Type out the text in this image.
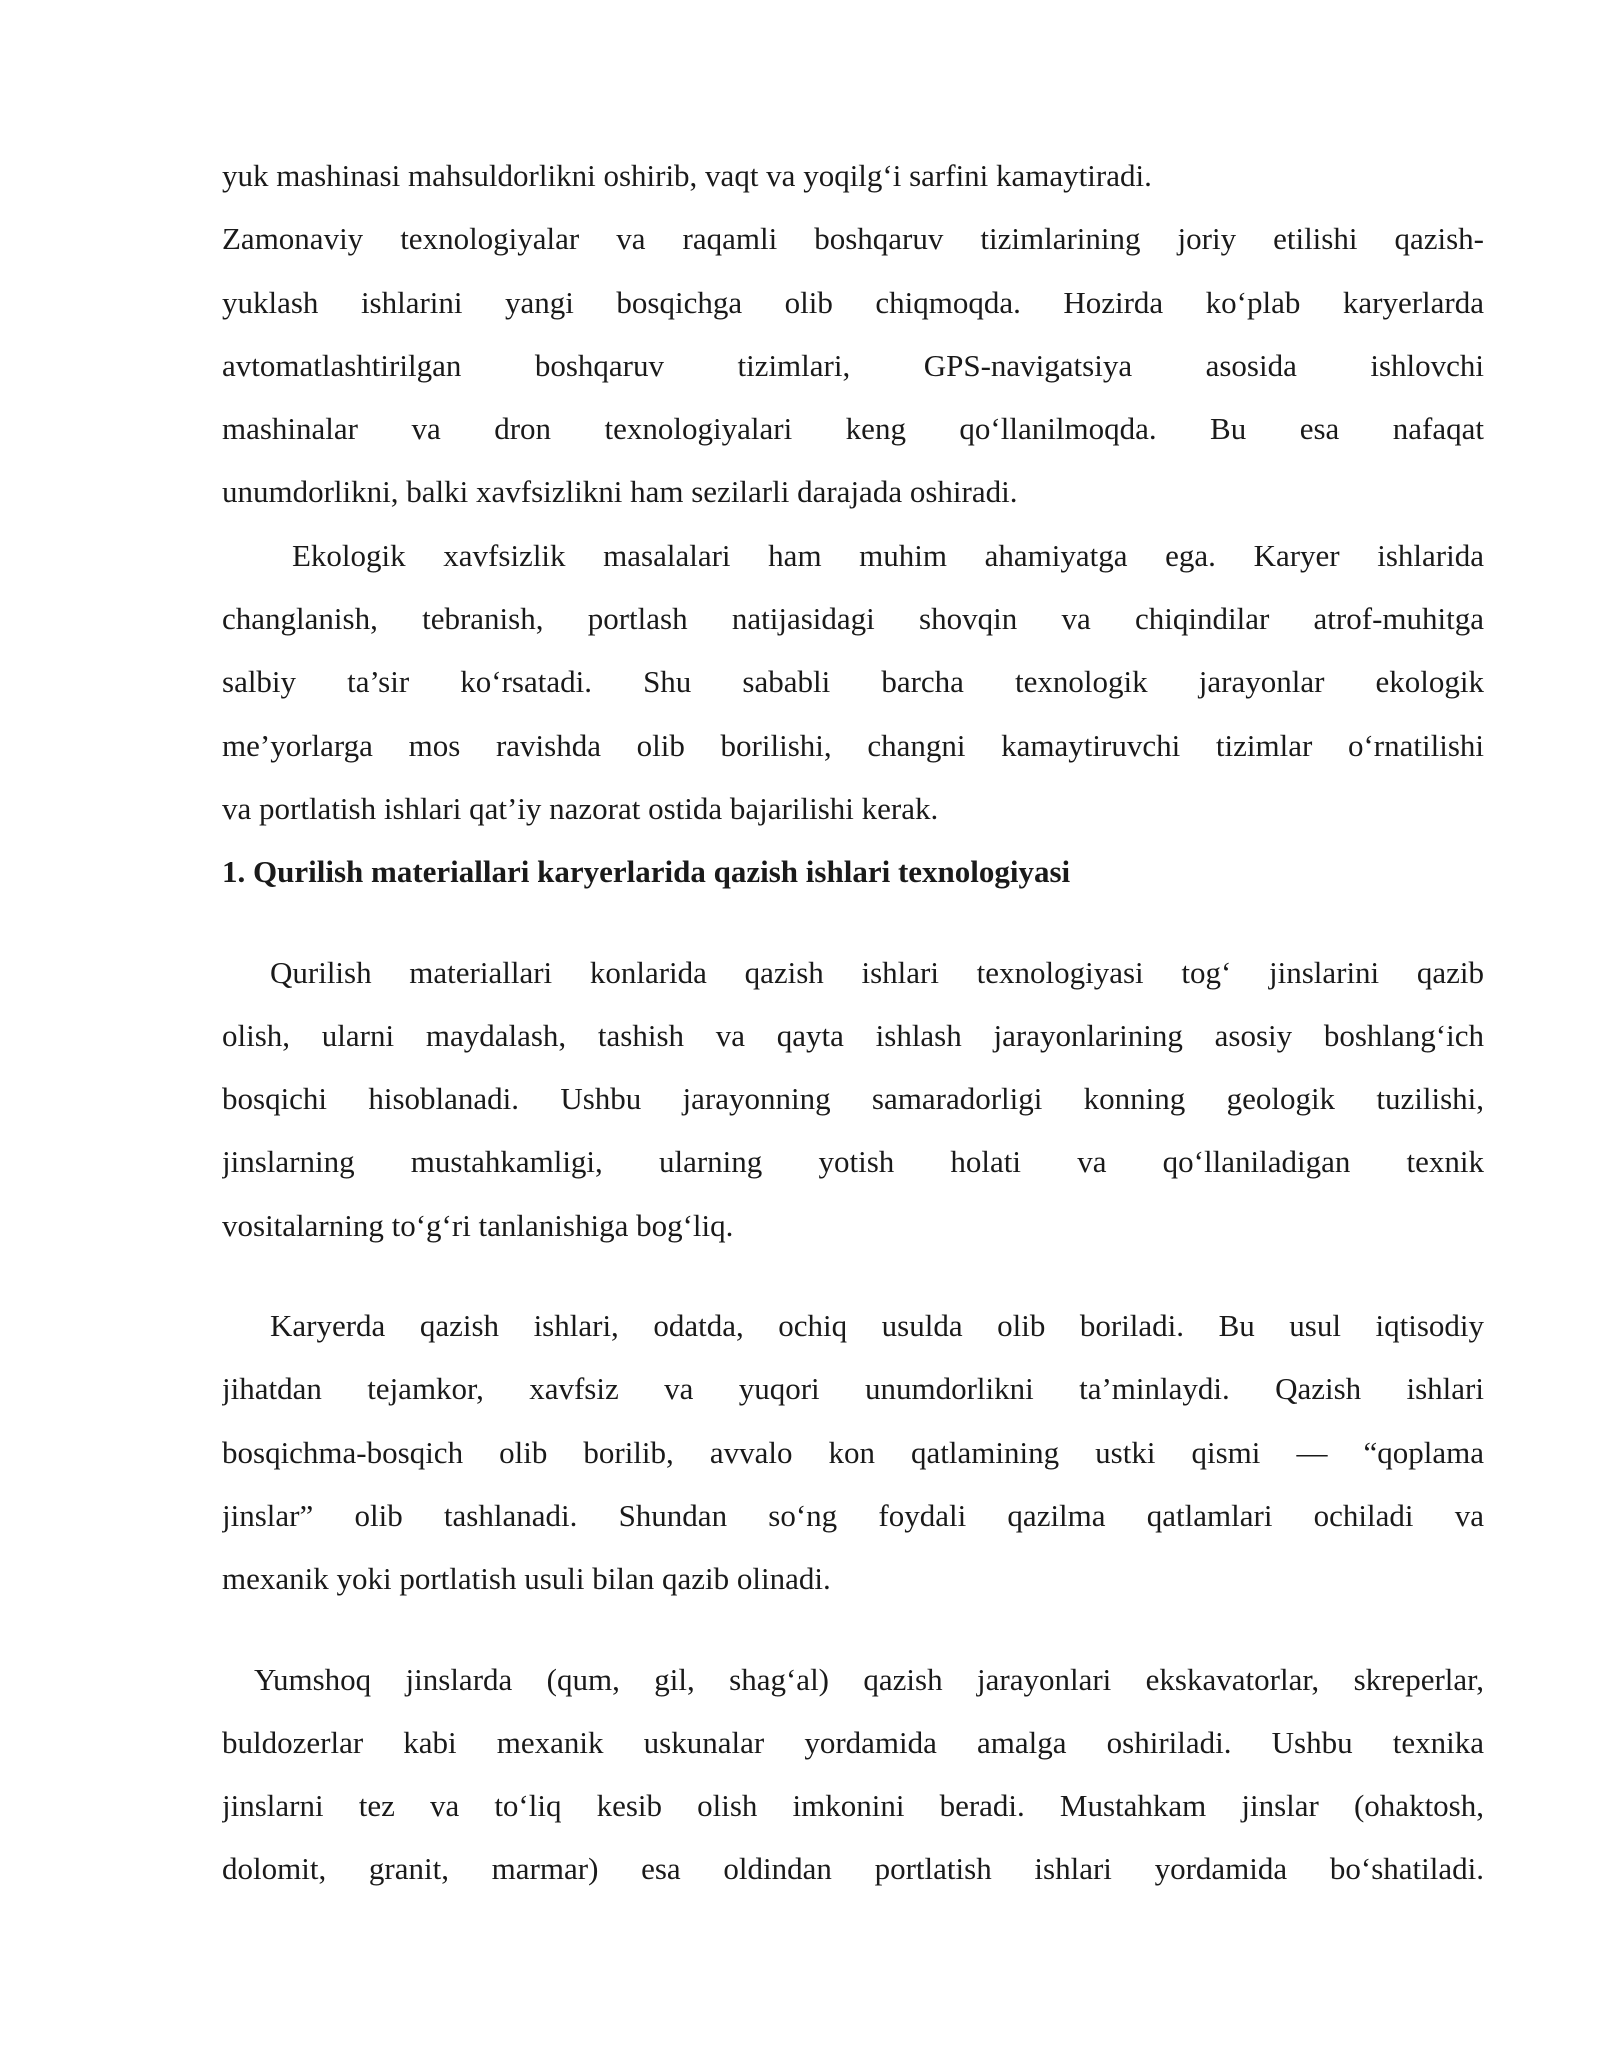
yuk mashinasi mahsuldorlikni oshirib, vaqt va yoqilg‘i sarfini kamaytiradi.
Zamonaviy texnologiyalar va raqamli boshqaruv tizimlarining joriy etilishi qazish-
yuklash ishlarini yangi bosqichga olib chiqmoqda. Hozirda ko‘plab karyerlarda
avtomatlashtirilgan boshqaruv tizimlari, GPS-navigatsiya asosida ishlovchi
mashinalar va dron texnologiyalari keng qo‘llanilmoqda. Bu esa nafaqat
unumdorlikni, balki xavfsizlikni ham sezilarli darajada oshiradi.
Ekologik xavfsizlik masalalari ham muhim ahamiyatga ega. Karyer ishlarida
changlanish, tebranish, portlash natijasidagi shovqin va chiqindilar atrof-muhitga
salbiy ta’sir ko‘rsatadi. Shu sababli barcha texnologik jarayonlar ekologik
me’yorlarga mos ravishda olib borilishi, changni kamaytiruvchi tizimlar o‘rnatilishi
va portlatish ishlari qat’iy nazorat ostida bajarilishi kerak.
1. Qurilish materiallari karyerlarida qazish ishlari texnologiyasi
Qurilish materiallari konlarida qazish ishlari texnologiyasi tog‘ jinslarini qazib
olish, ularni maydalash, tashish va qayta ishlash jarayonlarining asosiy boshlang‘ich
bosqichi hisoblanadi. Ushbu jarayonning samaradorligi konning geologik tuzilishi,
jinslarning mustahkamligi, ularning yotish holati va qo‘llaniladigan texnik
vositalarning to‘g‘ri tanlanishiga bog‘liq.
Karyerda qazish ishlari, odatda, ochiq usulda olib boriladi. Bu usul iqtisodiy
jihatdan tejamkor, xavfsiz va yuqori unumdorlikni ta’minlaydi. Qazish ishlari
bosqichma-bosqich olib borilib, avvalo kon qatlamining ustki qismi — “qoplama
jinslar” olib tashlanadi. Shundan so‘ng foydali qazilma qatlamlari ochiladi va
mexanik yoki portlatish usuli bilan qazib olinadi.
Yumshoq jinslarda (qum, gil, shag‘al) qazish jarayonlari ekskavatorlar, skreperlar,
buldozerlar kabi mexanik uskunalar yordamida amalga oshiriladi. Ushbu texnika
jinslarni tez va to‘liq kesib olish imkonini beradi. Mustahkam jinslar (ohaktosh,
dolomit, granit, marmar) esa oldindan portlatish ishlari yordamida bo‘shatiladi.
